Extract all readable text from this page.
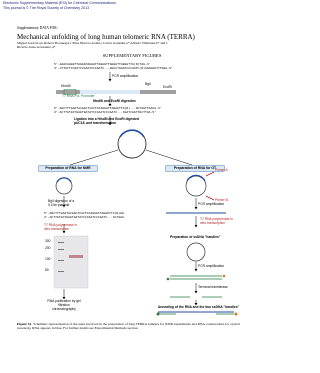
Electronic Supplementary Material (ESI) for Chemical Communications
This journal is © The Royal Society of Chemistry 2013
Supplementary DATA FOR:
Mechanical unfolding of long human telomeric RNA (TERRA)
Miguel Garavís,a,b Rebeca Bocanegra,c Elías Herrero-Galán,c Carlos González,a* Alfredo Villasante,b* and J. Ricardo Arias-Gonzalezc,d*
SUPPLEMENTARY FIGURES
5'-GAACAAGGTTAGGGTAGGGTTAGGGTTAGGGTTAGGGTTA(N)TAG-3'
3'-CTTGTTCCAATCCCAATCCCAATC...GGCCTAAATCCCAATC(N)AAAGGGTTTGGG-5'
PCR amplification
HindIII	BglI
EcoRI
T7 RNA Pol. Promoter
HindIII and EcoRI digestion
5'-AGCTTTGAATACGACTCACTATAGGGTTAGGGTTA(N)...GCTAGTTAACG-3'
3'-ACTTATGCTGAGTGATATCCCAATCCCAATC...CGATCAATTGCTTAA-5'
Ligation into a HindIII and EcoRI digested pUC18, and transformation
Preparation of RNA for NMR	Preparation of RNA for OT
BglI digestion of a 0.4 kb plasmid
5'-AGCTTTGAATACGACTCACTATAGGGTTAGGGTTA(N)GG
3'-ACTTATGCTGAGTGATATCCCAATCCCAATC...CCTAAA
T7 RNA polymerase in vitro transcription
300
200
100
50
RNA purification by gel filtration chromatography
Primer A
Primer B
PCR amplification
T7 RNA polymerase in vitro transcription
Preparation of ssDNA "handles"
PCR amplification
Terminal transferase
Annealing of the RNA and the two ssDNA "handles"
Figure S1. Schematic representation of the steps involved in the preparation of long TERRA samples for NMR experiments and RNA constructions for optical tweezers). RNA appears in blue. For further details see Experimental Methods section.
